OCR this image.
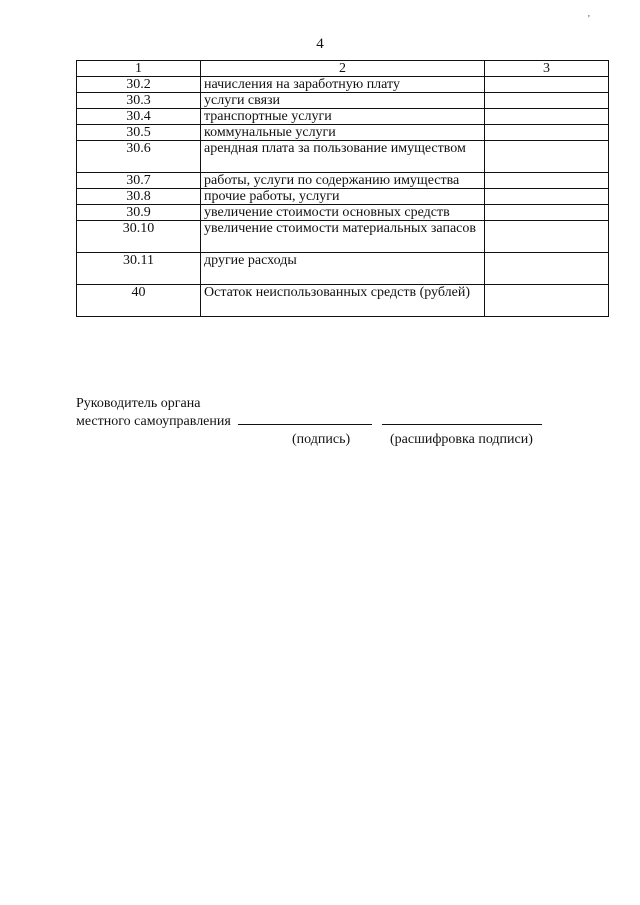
'
4
1	2	3
30.2	начисления на заработную плату	
30.3	услуги связи	
30.4	транспортные услуги	
30.5	коммунальные услуги	
30.6	арендная плата за пользование имуществом	
30.7	работы, услуги по содержанию имущества	
30.8	прочие работы, услуги	
30.9	увеличение стоимости основных средств	
30.10	увеличение стоимости материальных запасов	
30.11	другие расходы	
40	Остаток неиспользованных средств (рублей)	
Руководитель органа
местного самоуправления
(подпись)	(расшифровка подписи)
